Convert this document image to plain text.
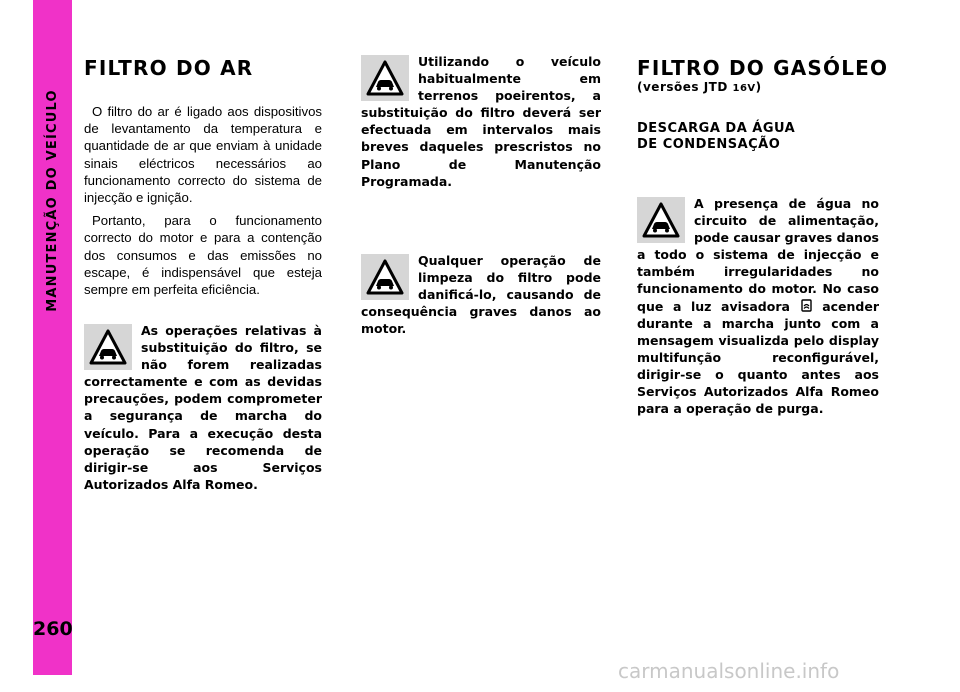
MANUTENÇÃO DO VEÍCULO
260
FILTRO DO AR

O filtro do ar é ligado aos dispositivos de levantamento da temperatura e quantidade de ar que enviam à unidade sinais eléctricos necessários ao funcionamento correcto do sistema de injecção e ignição.

Portanto, para o funcionamento correcto do motor e para a contenção dos consumos e das emissões no escape, é indispensável que esteja sempre em perfeita eficiência.

As operações relativas à substituição do filtro, se não forem realizadas correctamente e com as devidas precauções, podem comprometer a segurança de marcha do veículo. Para a execução desta operação se recomenda de dirigir-se aos Serviços Autorizados Alfa Romeo.
Utilizando o veículo habitualmente em terrenos poeirentos, a substituição do filtro deverá ser efectuada em intervalos mais breves daqueles prescristos no Plano de Manutenção Programada.
Qualquer operação de limpeza do filtro pode danificá-lo, causando de consequência graves danos ao motor.
FILTRO DO GASÓLEO
(versões JTD 16V)
DESCARGA DA ÁGUA
DE CONDENSAÇÃO
A presença de água no circuito de alimentação, pode causar graves danos a todo o sistema de injecção e também irregularidades no funcionamento do motor. No caso que a luz avisadora	acender durante a marcha junto com a mensagem visualizda pelo display multifunção reconfigurável, dirigir-se o quanto antes aos Serviços Autorizados Alfa Romeo para a operação de purga.
carmanualsonline.info
